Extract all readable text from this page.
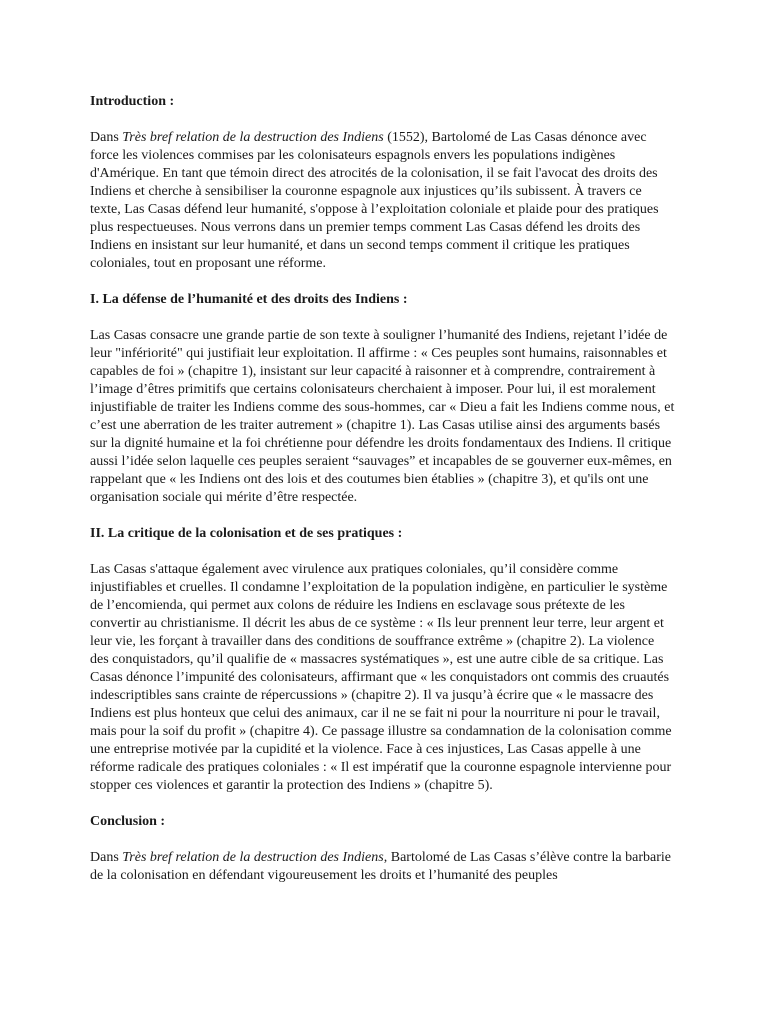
Introduction :

Dans Très bref relation de la destruction des Indiens (1552), Bartolomé de Las Casas dénonce avec force les violences commises par les colonisateurs espagnols envers les populations indigènes d'Amérique. En tant que témoin direct des atrocités de la colonisation, il se fait l'avocat des droits des Indiens et cherche à sensibiliser la couronne espagnole aux injustices qu’ils subissent. À travers ce texte, Las Casas défend leur humanité, s'oppose à l’exploitation coloniale et plaide pour des pratiques plus respectueuses. Nous verrons dans un premier temps comment Las Casas défend les droits des Indiens en insistant sur leur humanité, et dans un second temps comment il critique les pratiques coloniales, tout en proposant une réforme.

I. La défense de l’humanité et des droits des Indiens :

Las Casas consacre une grande partie de son texte à souligner l’humanité des Indiens, rejetant l’idée de leur "infériorité" qui justifiait leur exploitation. Il affirme : « Ces peuples sont humains, raisonnables et capables de foi » (chapitre 1), insistant sur leur capacité à raisonner et à comprendre, contrairement à l’image d’êtres primitifs que certains colonisateurs cherchaient à imposer. Pour lui, il est moralement injustifiable de traiter les Indiens comme des sous-hommes, car « Dieu a fait les Indiens comme nous, et c’est une aberration de les traiter autrement » (chapitre 1). Las Casas utilise ainsi des arguments basés sur la dignité humaine et la foi chrétienne pour défendre les droits fondamentaux des Indiens. Il critique aussi l’idée selon laquelle ces peuples seraient “sauvages” et incapables de se gouverner eux-mêmes, en rappelant que « les Indiens ont des lois et des coutumes bien établies » (chapitre 3), et qu'ils ont une organisation sociale qui mérite d’être respectée.

II. La critique de la colonisation et de ses pratiques :

Las Casas s'attaque également avec virulence aux pratiques coloniales, qu’il considère comme injustifiables et cruelles. Il condamne l’exploitation de la population indigène, en particulier le système de l’encomienda, qui permet aux colons de réduire les Indiens en esclavage sous prétexte de les convertir au christianisme. Il décrit les abus de ce système : « Ils leur prennent leur terre, leur argent et leur vie, les forçant à travailler dans des conditions de souffrance extrême » (chapitre 2). La violence des conquistadors, qu’il qualifie de « massacres systématiques », est une autre cible de sa critique. Las Casas dénonce l’impunité des colonisateurs, affirmant que « les conquistadors ont commis des cruautés indescriptibles sans crainte de répercussions » (chapitre 2). Il va jusqu’à écrire que « le massacre des Indiens est plus honteux que celui des animaux, car il ne se fait ni pour la nourriture ni pour le travail, mais pour la soif du profit » (chapitre 4). Ce passage illustre sa condamnation de la colonisation comme une entreprise motivée par la cupidité et la violence. Face à ces injustices, Las Casas appelle à une réforme radicale des pratiques coloniales : « Il est impératif que la couronne espagnole intervienne pour stopper ces violences et garantir la protection des Indiens » (chapitre 5).

Conclusion :

Dans Très bref relation de la destruction des Indiens, Bartolomé de Las Casas s’élève contre la barbarie de la colonisation en défendant vigoureusement les droits et l’humanité des peuples
